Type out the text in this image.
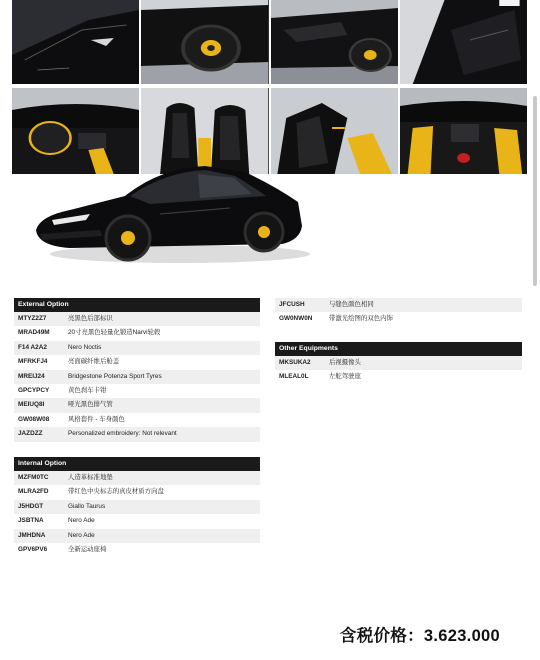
External Option
MTYZ2Z7	亮黑色后部标识
MRAD49M	20寸亮黑色轻量化锻造Narvi轮毂
F14 A2A2	Nero Noctis
MFRKFJ4	亮面碳纤维后舱盖
MREIJ24	Bridgestone Potenza Sport Tyres
GPCYPCY	黄色刹车卡钳
MEIUQ8I	哑光黑色排气管
GW08W08	风格套件 - 车身颜色
JAZDZZ	Personalized embroidery: Not relevant
JFCUSH	与缝色颜色相同
GW0NW0N	带激光绘图的双色内饰
Other Equipments
MKSUKA2	后视摄像头
MLEAL0L	左舵驾驶座
Internal Option
MZFM0TC	人造革标准地垫
MLRA2FD	带红色中央标志的真皮材质方向盘
J5HDGT	Giallo Taurus
JSBTNA	Nero Ade
JMHDNA	Nero Ade
GPV6PV6	全新运动座椅
含税价格：3.623.000
